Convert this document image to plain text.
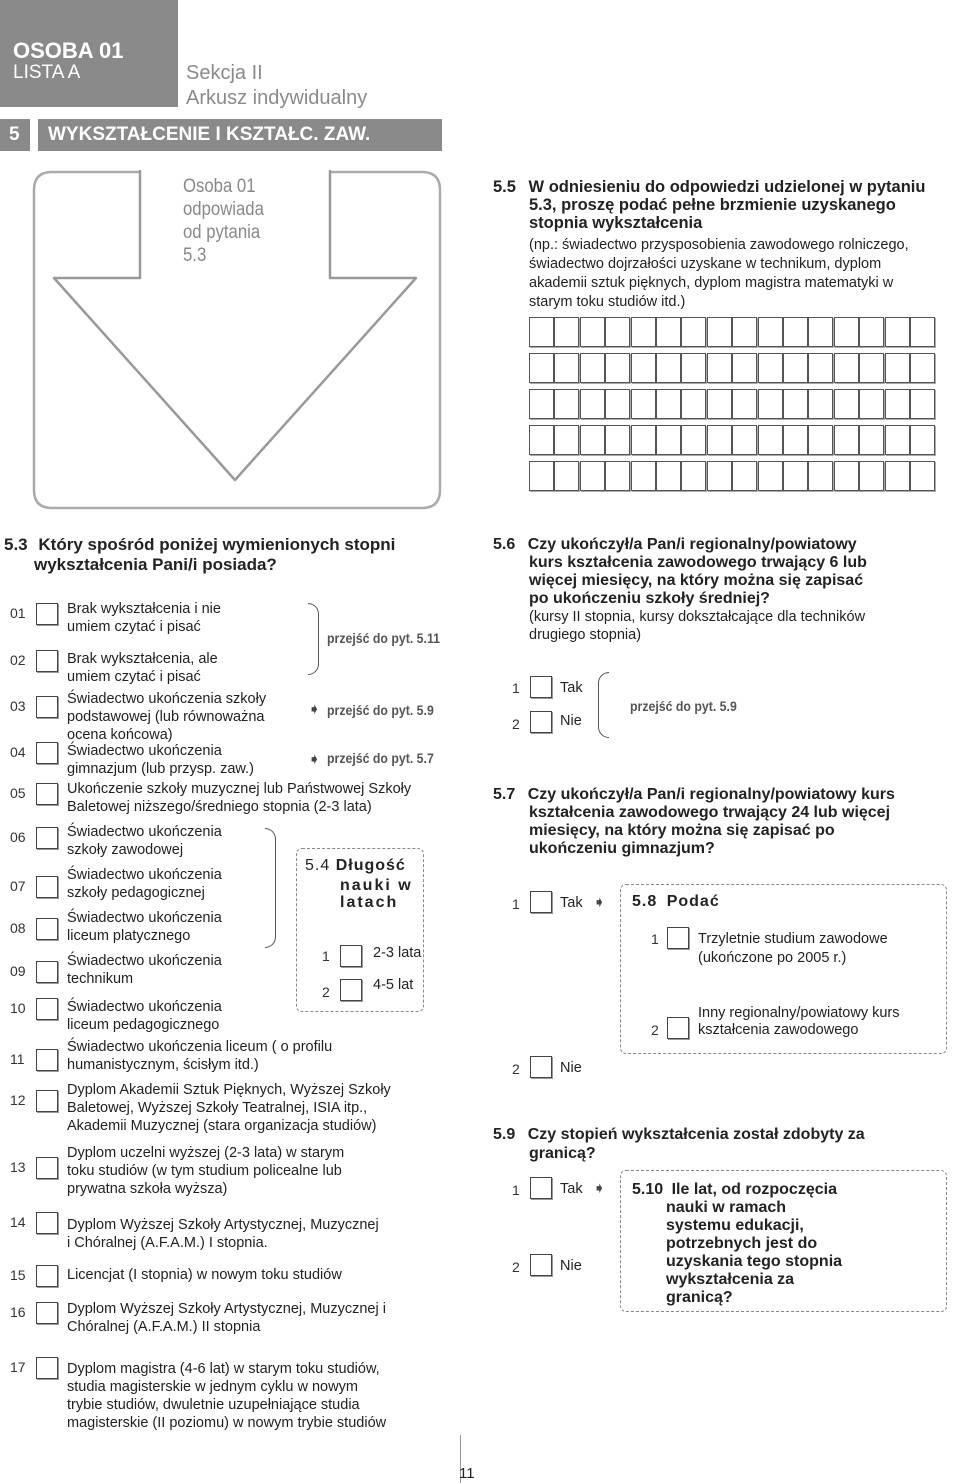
OSOBA 01
LISTA A	Sekcja II
Arkusz indywidualny
5 WYKSZTAŁCENIE I KSZTAŁC. ZAW.
Osoba 01
odpowiada
od pytania
5.3
5.5 W odniesieniu do odpowiedzi udzielonej w pytaniu
5.3, proszę podać pełne brzmienie uzyskanego
stopnia wykształcenia
(np.: świadectwo przysposobienia zawodowego rolniczego,
świadectwo dojrzałości uzyskane w technikum, dyplom
akademii sztuk pięknych, dyplom magistra matematyki w
starym toku studiów itd.)
5.3 Który spośród poniżej wymienionych stopni
wykształcenia Pani/i posiada?
01	Brak wykształcenia i nie
umiem czytać i pisać
02	Brak wykształcenia, ale
umiem czytać i pisać
03	Świadectwo ukończenia szkoły
podstawowej (lub równoważna
ocena końcowa)
04	Świadectwo ukończenia
gimnazjum (lub przysp. zaw.)
05	Ukończenie szkoły muzycznej lub Państwowej Szkoły
Baletowej niższego/średniego stopnia (2-3 lata)
06	Świadectwo ukończenia
szkoły zawodowej
07
Świadectwo ukończenia
szkoły pedagogicznej
08
Świadectwo ukończenia
liceum platycznego
09
Świadectwo ukończenia
technikum
10	Świadectwo ukończenia
liceum pedagogicznego
11
Świadectwo ukończenia liceum ( o profilu
humanistycznym, ścisłym itd.)
12
Dyplom Akademii Sztuk Pięknych, Wyższej Szkoły
Baletowej, Wyższej Szkoły Teatralnej, ISIA itp.,
Akademii Muzycznej (stara organizacja studiów)
13
Dyplom uczelni wyższej (2-3 lata) w starym
toku studiów (w tym studium policealne lub
prywatna szkoła wyższa)
14	Dyplom Wyższej Szkoły Artystycznej, Muzycznej
i Chóralnej (A.F.A.M.) I stopnia.
15	Licencjat (I stopnia) w nowym toku studiów
16	Dyplom Wyższej Szkoły Artystycznej, Muzycznej i
Chóralnej (A.F.A.M.) II stopnia
17	Dyplom magistra (4-6 lat) w starym toku studiów,
studia magisterskie w jednym cyklu w nowym
trybie studiów, dwuletnie uzupełniające studia
magisterskie (II poziomu) w nowym trybie studiów
przejść do pyt. 5.11
➧ przejść do pyt. 5.9
➧ przejść do pyt. 5.7
5.4 Długość
nauki w
latach
1	2-3 lata
2	4-5 lat
5.6 Czy ukończył/a Pan/i regionalny/powiatowy
kurs kształcenia zawodowego trwający 6 lub
więcej miesięcy, na który można się zapisać
po ukończeniu szkoły średniej?
(kursy II stopnia, kursy dokształcające dla techników
drugiego stopnia)
1	Tak
2	Nie
przejść do pyt. 5.9
5.7 Czy ukończył/a Pan/i regionalny/powiatowy kurs
kształcenia zawodowego trwający 24 lub więcej
miesięcy, na który można się zapisać po
ukończeniu gimnazjum?
1	Tak ➧
2	Nie
5.8 Podać
1	Trzyletnie studium zawodowe
(ukończone po 2005 r.)
2
Inny regionalny/powiatowy kurs
kształcenia zawodowego
5.9 Czy stopień wykształcenia został zdobyty za
granicą?
1	Tak ➧
2	Nie
5.10 Ile lat, od rozpoczęcia
nauki w ramach
systemu edukacji,
potrzebnych jest do
uzyskania tego stopnia
wykształcenia za
granicą?
11
